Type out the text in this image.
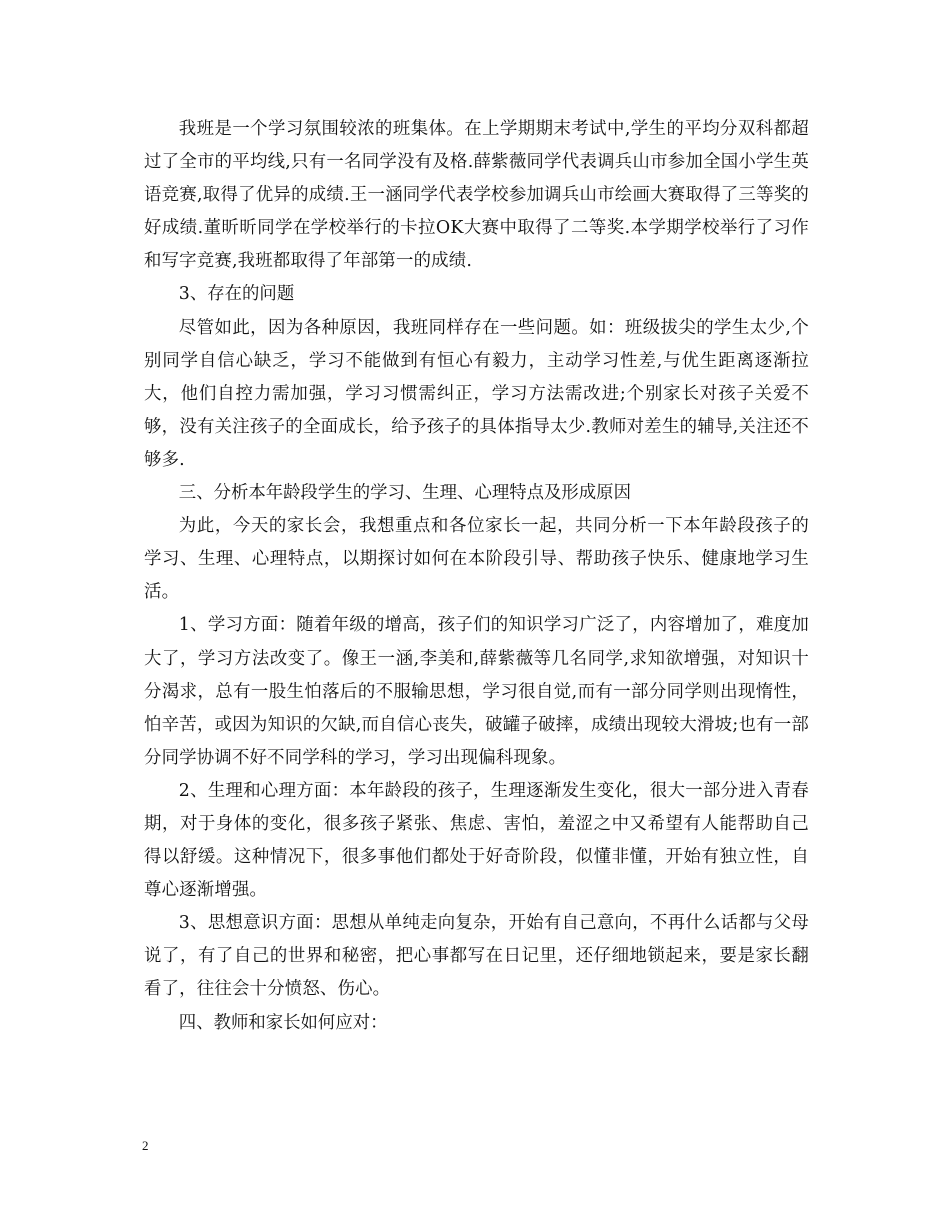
我班是一个学习氛围较浓的班集体。在上学期期末考试中,学生的平均分双科都超过了全市的平均线,只有一名同学没有及格.薛紫薇同学代表调兵山市参加全国小学生英语竞赛,取得了优异的成绩.王一涵同学代表学校参加调兵山市绘画大赛取得了三等奖的好成绩.董昕昕同学在学校举行的卡拉OK大赛中取得了二等奖.本学期学校举行了习作和写字竞赛,我班都取得了年部第一的成绩.

3、存在的问题

尽管如此，因为各种原因，我班同样存在一些问题。如：班级拔尖的学生太少,个别同学自信心缺乏，学习不能做到有恒心有毅力，主动学习性差,与优生距离逐渐拉大，他们自控力需加强，学习习惯需纠正，学习方法需改进;个别家长对孩子关爱不够，没有关注孩子的全面成长，给予孩子的具体指导太少.教师对差生的辅导,关注还不够多.

三、分析本年龄段学生的学习、生理、心理特点及形成原因

为此，今天的家长会，我想重点和各位家长一起，共同分析一下本年龄段孩子的学习、生理、心理特点，以期探讨如何在本阶段引导、帮助孩子快乐、健康地学习生活。

1、学习方面：随着年级的增高，孩子们的知识学习广泛了，内容增加了，难度加大了，学习方法改变了。像王一涵,李美和,薛紫薇等几名同学,求知欲增强，对知识十分渴求，总有一股生怕落后的不服输思想，学习很自觉,而有一部分同学则出现惰性，怕辛苦，或因为知识的欠缺,而自信心丧失，破罐子破摔，成绩出现较大滑坡;也有一部分同学协调不好不同学科的学习，学习出现偏科现象。

2、生理和心理方面：本年龄段的孩子，生理逐渐发生变化，很大一部分进入青春期，对于身体的变化，很多孩子紧张、焦虑、害怕，羞涩之中又希望有人能帮助自己得以舒缓。这种情况下，很多事他们都处于好奇阶段，似懂非懂，开始有独立性，自尊心逐渐增强。

3、思想意识方面：思想从单纯走向复杂，开始有自己意向，不再什么话都与父母说了，有了自己的世界和秘密，把心事都写在日记里，还仔细地锁起来，要是家长翻看了，往往会十分愤怒、伤心。

四、教师和家长如何应对：

2
